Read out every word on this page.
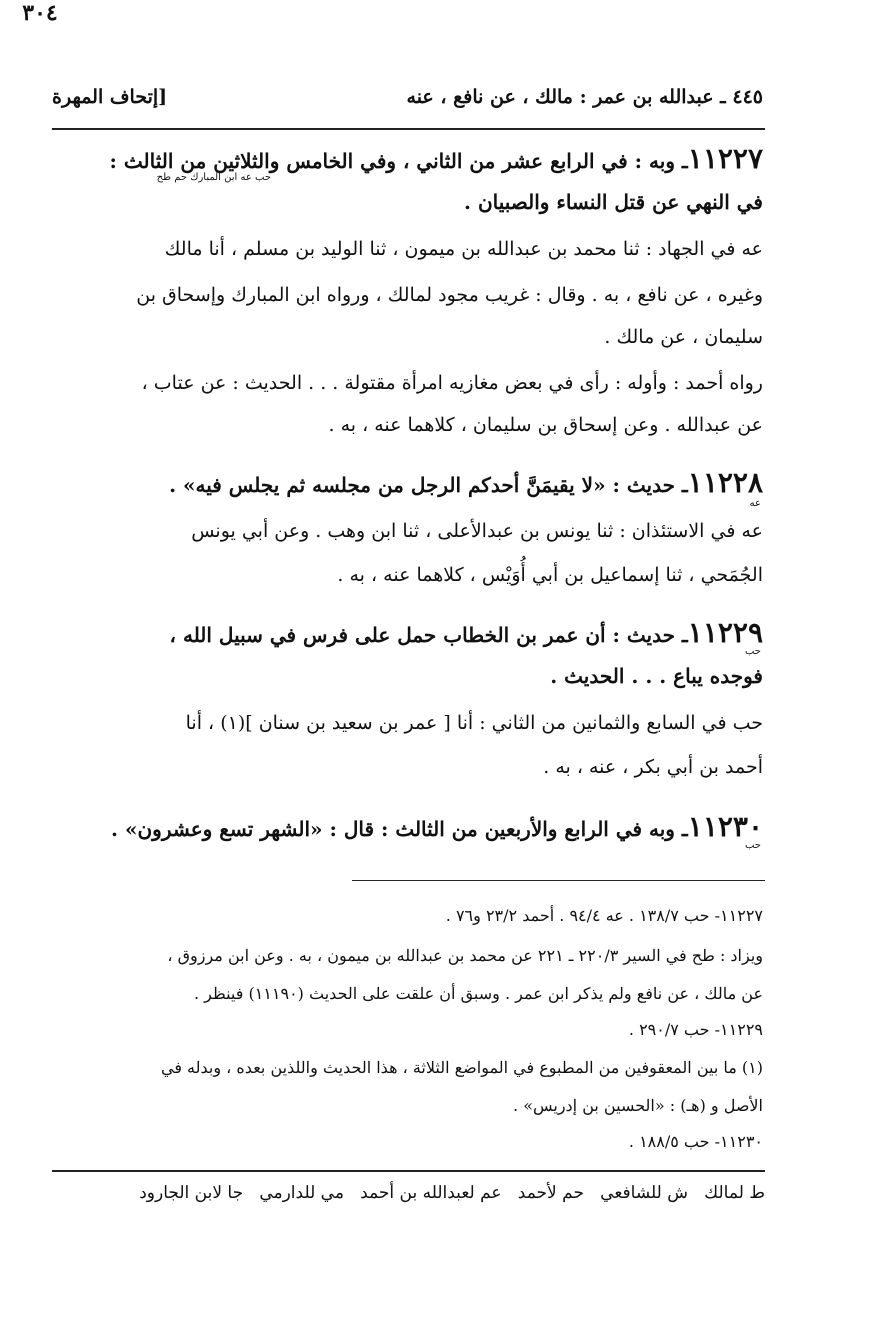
٤٤٥ ـ عبدالله بن عمر : مالك ، عن نافع ، عنه
[إتحاف المهرة
١١٢٢٧ـ وبه : في الرابع عشر من الثاني ، وفي الخامس والثلاثين من الثالث :
حب عه ابن المبارك حم طح
في النهي عن قتل النساء والصبيان .
عه في الجهاد : ثنا محمد بن عبدالله بن ميمون ، ثنا الوليد بن مسلم ، أنا مالك
وغيره ، عن نافع ، به . وقال : غريب مجود لمالك ، ورواه ابن المبارك وإسحاق بن
سليمان ، عن مالك .
رواه أحمد : وأوله : رأى في بعض مغازيه امرأة مقتولة . . . الحديث : عن عتاب ،
عن عبدالله . وعن إسحاق بن سليمان ، كلاهما عنه ، به .
١١٢٢٨ـ حديث : «لا يقيمَنَّ أحدكم الرجل من مجلسه ثم يجلس فيه» .
عه
عه في الاستئذان : ثنا يونس بن عبدالأعلى ، ثنا ابن وهب . وعن أبي يونس
الجُمَحي ، ثنا إسماعيل بن أبي أُوَيْس ، كلاهما عنه ، به .
١١٢٢٩ـ حديث : أن عمر بن الخطاب حمل على فرس في سبيل الله ،
حب
فوجده يباع . . . الحديث .
حب في السابع والثمانين من الثاني : أنا [ عمر بن سعيد بن سنان ](١) ، أنا
أحمد بن أبي بكر ، عنه ، به .
١١٢٣٠ـ وبه في الرابع والأربعين من الثالث : قال : «الشهر تسع وعشرون» .
حب
١١٢٢٧- حب ١٣٨/٧ . عه ٩٤/٤ . أحمد ٢٣/٢ و٧٦ .
ويزاد : طح في السير ٢٢٠/٣ ـ ٢٢١ عن محمد بن عبدالله بن ميمون ، به . وعن ابن مرزوق ،
عن مالك ، عن نافع ولم يذكر ابن عمر . وسبق أن علقت على الحديث (١١١٩٠) فينظر .
١١٢٢٩- حب ٢٩٠/٧ .
(١) ما بين المعقوفين من المطبوع في المواضع الثلاثة ، هذا الحديث واللذين بعده ، وبدله في
الأصل و (هـ) : «الحسين بن إدريس» .
١١٢٣٠- حب ١٨٨/٥ .
ط لمالك   ش للشافعي   حم لأحمد   عم لعبدالله بن أحمد   مي للدارمي   جا لابن الجارود
٣٠٤
